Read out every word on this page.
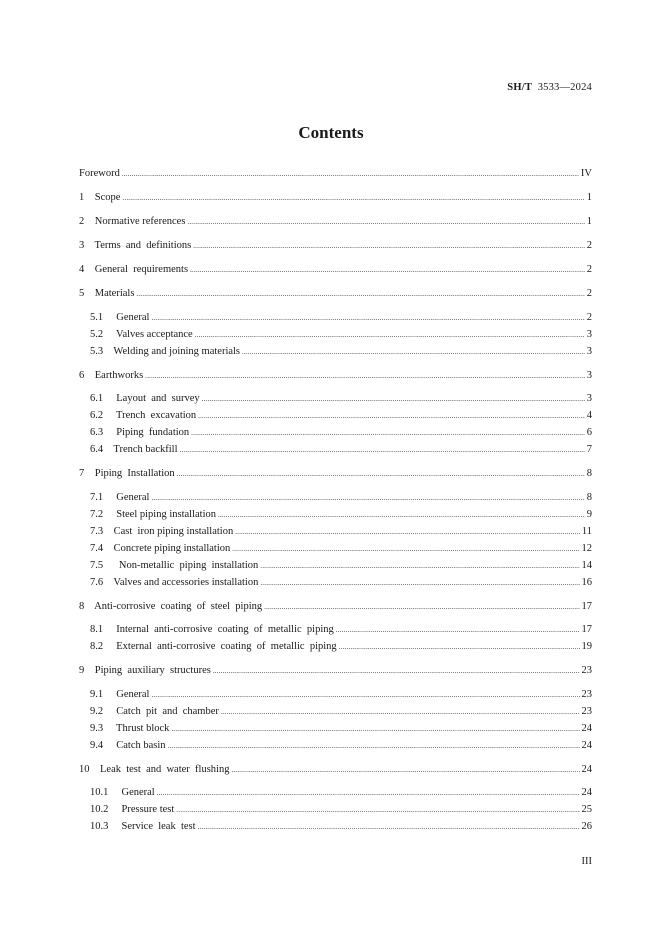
SH/T 3533—2024
Contents
Foreword .....	IV
1    Scope .....	1
2    Normative references .....	1
3    Terms  and  definitions .....	2
4    General  requirements .....	2
5    Materials .....	2
5.1     General .....	2
5.2     Valves acceptance .....	3
5.3    Welding and joining materials .....	3
6    Earthworks .....	3
6.1     Layout  and  survey .....	3
6.2     Trench  excavation .....	4
6.3     Piping  fundation .....	6
6.4    Trench backfill .....	7
7    Piping  Installation .....	8
7.1     General .....	8
7.2     Steel piping installation .....	9
7.3    Cast  iron piping installation .....	11
7.4    Concrete piping installation .....	12
7.5      Non-metallic  piping  installation .....	14
7.6    Valves and accessories installation .....	16
8    Anti-corrosive  coating  of  steel  piping .....	17
8.1     Internal  anti-corrosive  coating  of  metallic  piping .....	17
8.2     External  anti-corrosive  coating  of  metallic  piping .....	19
9    Piping  auxiliary  structures .....	23
9.1     General .....	23
9.2     Catch  pit  and  chamber .....	23
9.3     Thrust block .....	24
9.4     Catch basin .....	24
10    Leak  test  and  water  flushing .....	24
10.1     General .....	24
10.2     Pressure test .....	25
10.3     Service  leak  test .....	26
III
